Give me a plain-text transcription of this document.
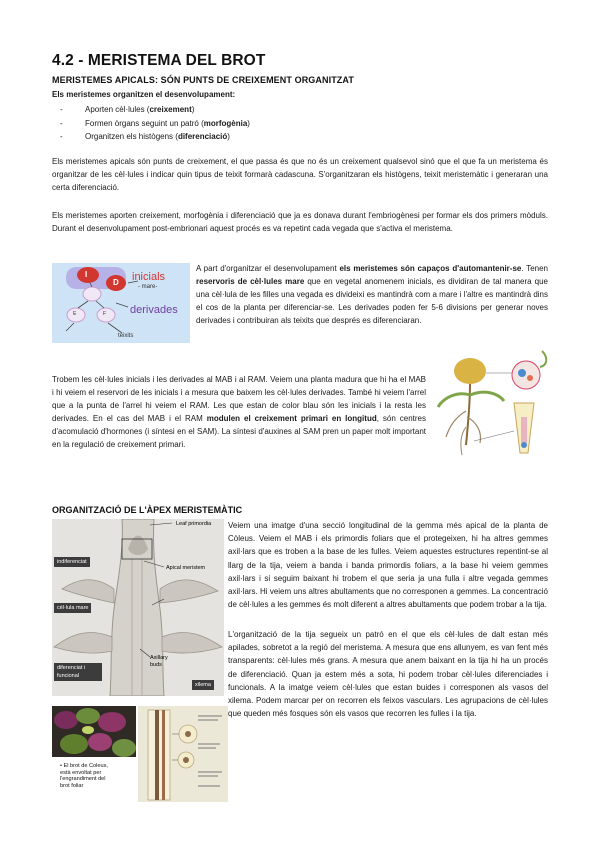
4.2 - MERISTEMA DEL BROT
MERISTEMES APICALS: SÓN PUNTS DE CREIXEMENT ORGANITZAT
Els meristemes organitzen el desenvolupament:
- Aporten cèl·lules (creixement)
- Formen òrgans seguint un patró (morfogènia)
- Organitzen els histògens (diferenciació)

Els meristemes apicals són punts de creixement, el que passa és que no és un creixement qualsevol sinó que el que fa un meristema és organitzar de les cèl·lules i indicar quin tipus de teixit formarà cadascuna. S'organitzaran els histògens, teixit meristemàtic i generaran una certa diferenciació.

Els meristemes aporten creixement, morfogènia i diferenciació que ja es donava durant l'embriogènesi per formar els dos primers mòduls. Durant el desenvolupament post-embrionari aquest procés es va repetint cada vegada que s'activa el meristema.

I
D
E	F
inicials
- mare-
derivades
teixits

A part d'organitzar el desenvolupament els meristemes són capaços d'automantenir-se. Tenen reservoris de cèl·lules mare que en vegetal anomenem inicials, es dividiran de tal manera que una cèl·lula de les filles una vegada es divideixi es mantindrà com a mare i l'altre es mantindrà dins el cos de la planta per diferenciar-se. Les derivades poden fer 5-6 divisions per generar noves derivades i contribuiran als teixits que després es diferenciaran.

Trobem les cèl·lules inicials i les derivades al MAB i al RAM. Veiem una planta madura que hi ha el MAB i hi veiem el reservori de les inicials i a mesura que baixem les cèl·lules derivades. També hi veiem l'arrel que a la punta de l'arrel hi veiem el RAM. Les que estan de color blau són les inicials i la resta les derivades. En el cas del MAB i el RAM modulen el creixement primari en longitud, són centres d'acomulació d'hormones (i síntesi en el SAM). La síntesi d'auxines al SAM pren un paper molt important en la regulació de creixement primari.

ORGANITZACIÓ DE L'ÀPEX MERISTEMÀTIC
indiferenciat
cèl·lula mare
diferenciat i funcional
xilema
Leaf primordia
Apical meristem
Axillary buds
• El brot de Coleus,
està envoltat per
l'engrandiment del
brot foliar

Veiem una imatge d'una secció longitudinal de la gemma més apical de la planta de Còleus. Veiem el MAB i els primordis foliars que el protegeixen, hi ha altres gemmes axil·lars que es troben a la base de les fulles. Veiem aquestes estructures repentint-se al llarg de la tija, veiem a banda i banda primordis foliars, a la base hi veiem gemmes axil·lars i si seguim baixant hi trobem el que seria ja una fulla i altre vegada gemmes axil·lars. Hi veiem uns altres abultaments que no corresponen a gemmes. La concentració de cèl·lules a les gemmes és molt diferent a altres abultaments que podem trobar a la tija.

L'organització de la tija segueix un patró en el que els cèl·lules de dalt estan més apilades, sobretot a la regió del meristema. A mesura que ens allunyem, es van fent més transparents: cèl·lules més grans. A mesura que anem baixant en la tija hi ha un procés de diferenciació. Quan ja estem més a sota, hi podem trobar cèl·lules diferenciades i funcionals. A la imatge veiem cèl·lules que estan buides i corresponen als vasos del xilema. Podem marcar per on recorren els feixos vasculars. Les agrupacions de cèl·lules que queden més fosques són els vasos que recorren les fulles i la tija.
